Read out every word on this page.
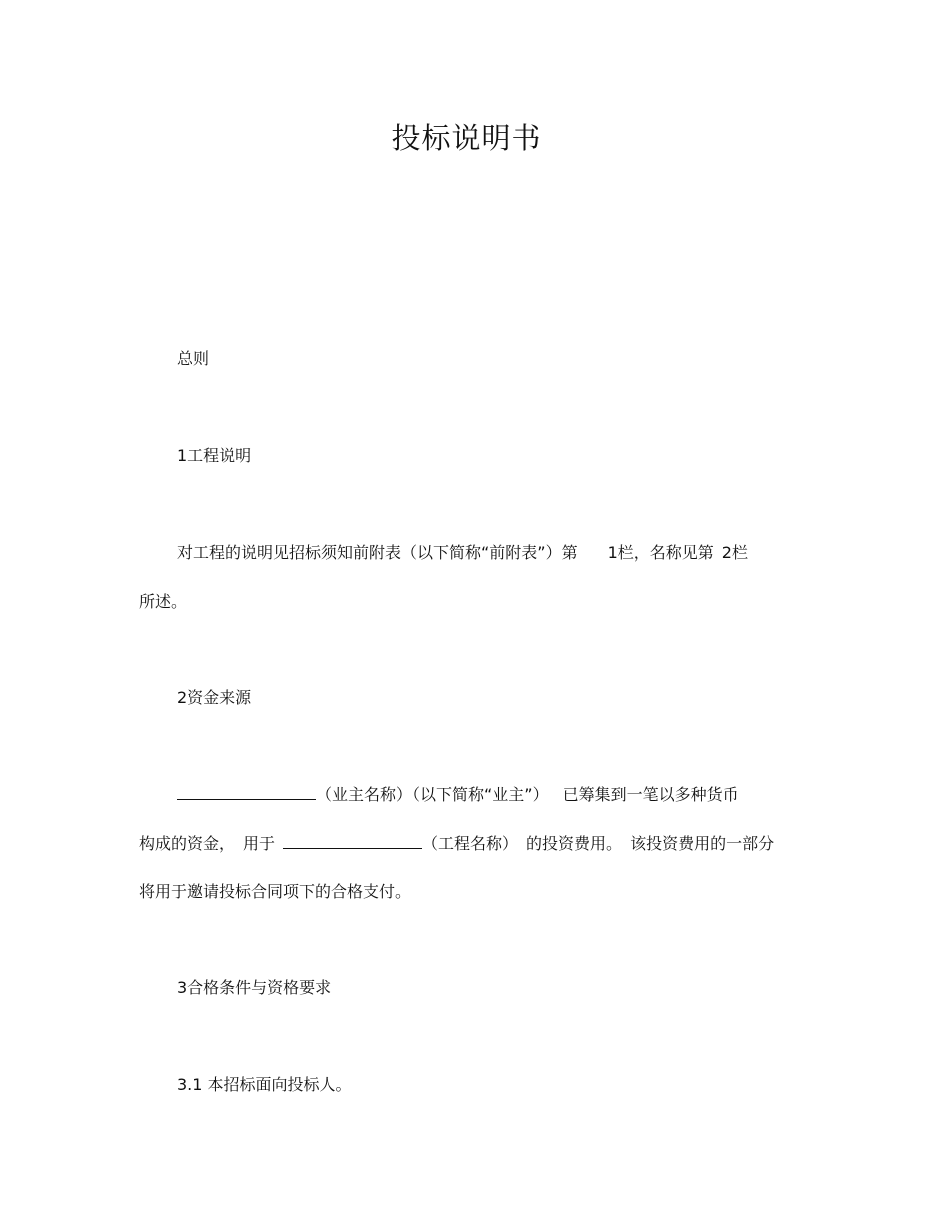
投标说明书

总则

1工程说明

对工程的说明见招标须知前附表（以下简称“前附表”）第 1栏，名称见第 2栏

所述。

2资金来源

（业主名称）（以下简称“业主”） 已筹集到一笔以多种货币

构成的资金， 用于	（工程名称） 的投资费用。 该投资费用的一部分

将用于邀请投标合同项下的合格支付。

3合格条件与资格要求

3.1 本招标面向投标人。
